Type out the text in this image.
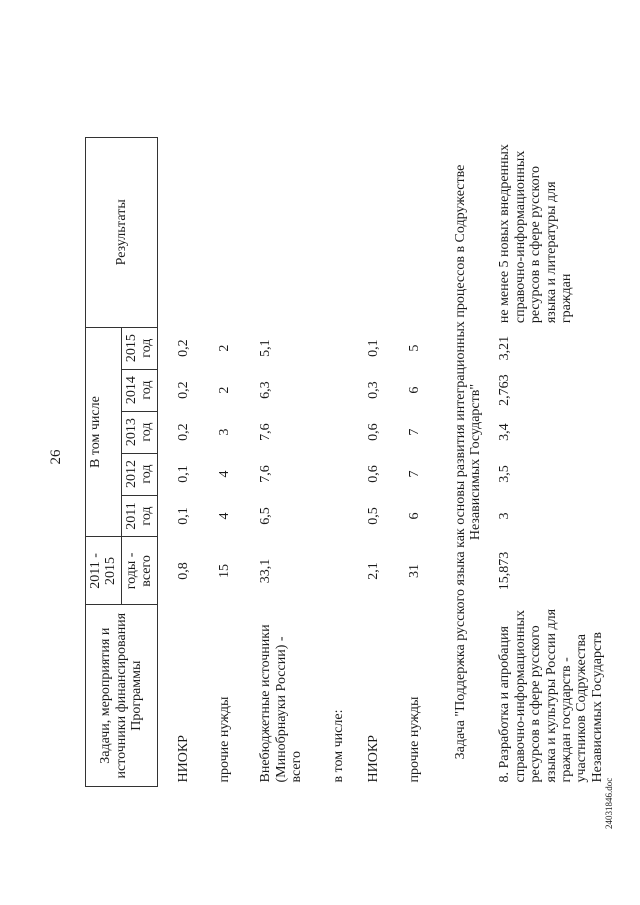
26
Задачи, мероприятия и источники финансирования Программы	2011 - 2015	В том числе					Результаты
	годы - всего	2011 год	2012 год	2013 год	2014 год	2015 год	
НИОКР	0,8	0,1	0,1	0,2	0,2	0,2	
прочие нужды	15	4	4	3	2	2	
Внебюджетные источники (Минобрнауки России) - всего	33,1	6,5	7,6	7,6	6,3	5,1	
в том числе:							
НИОКР	2,1	0,5	0,6	0,6	0,3	0,1	
прочие нужды	31	6	7	7	6	5	
Задача "Поддержка русского языка как основы развития интеграционных процессов в Содружестве Независимых Государств"							
8. Разработка и апробация справочно-информационных ресурсов в сфере русского языка и культуры России для граждан государств - участников Содружества Независимых Государств	15,873	3	3,5	3,4	2,763	3,21	не менее 5 новых внедренных справочно-информационных ресурсов в сфере русского языка и литературы для граждан
24031846.doc
